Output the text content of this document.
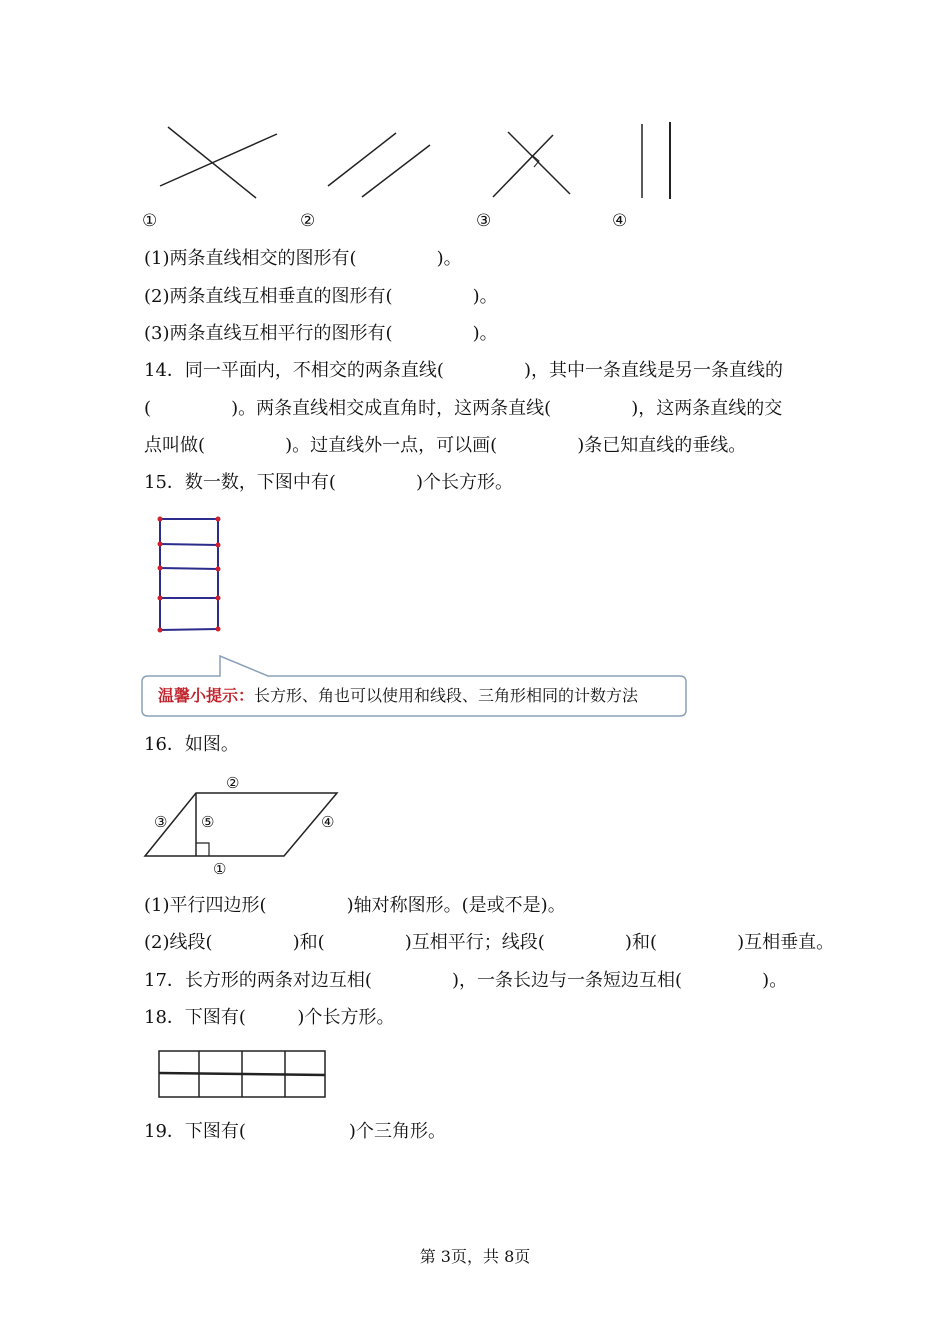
①	②	③	④
(1)两条直线相交的图形有(              )。
(2)两条直线互相垂直的图形有(              )。
(3)两条直线互相平行的图形有(              )。
14．同一平面内，不相交的两条直线(              )，其中一条直线是另一条直线的
(              )。两条直线相交成直角时，这两条直线(              )，这两条直线的交
点叫做(              )。过直线外一点，可以画(              )条已知直线的垂线。
15．数一数，下图中有(              )个长方形。
温馨小提示：长方形、角也可以使用和线段、三角形相同的计数方法
16．如图。
②
③ ⑤	④
①
(1)平行四边形(              )轴对称图形。(是或不是)。
(2)线段(              )和(              )互相平行；线段(              )和(              )互相垂直。
17．长方形的两条对边互相(              )，一条长边与一条短边互相(              )。
18．下图有(         )个长方形。
19．下图有(                  )个三角形。
第 3页，共 8页
